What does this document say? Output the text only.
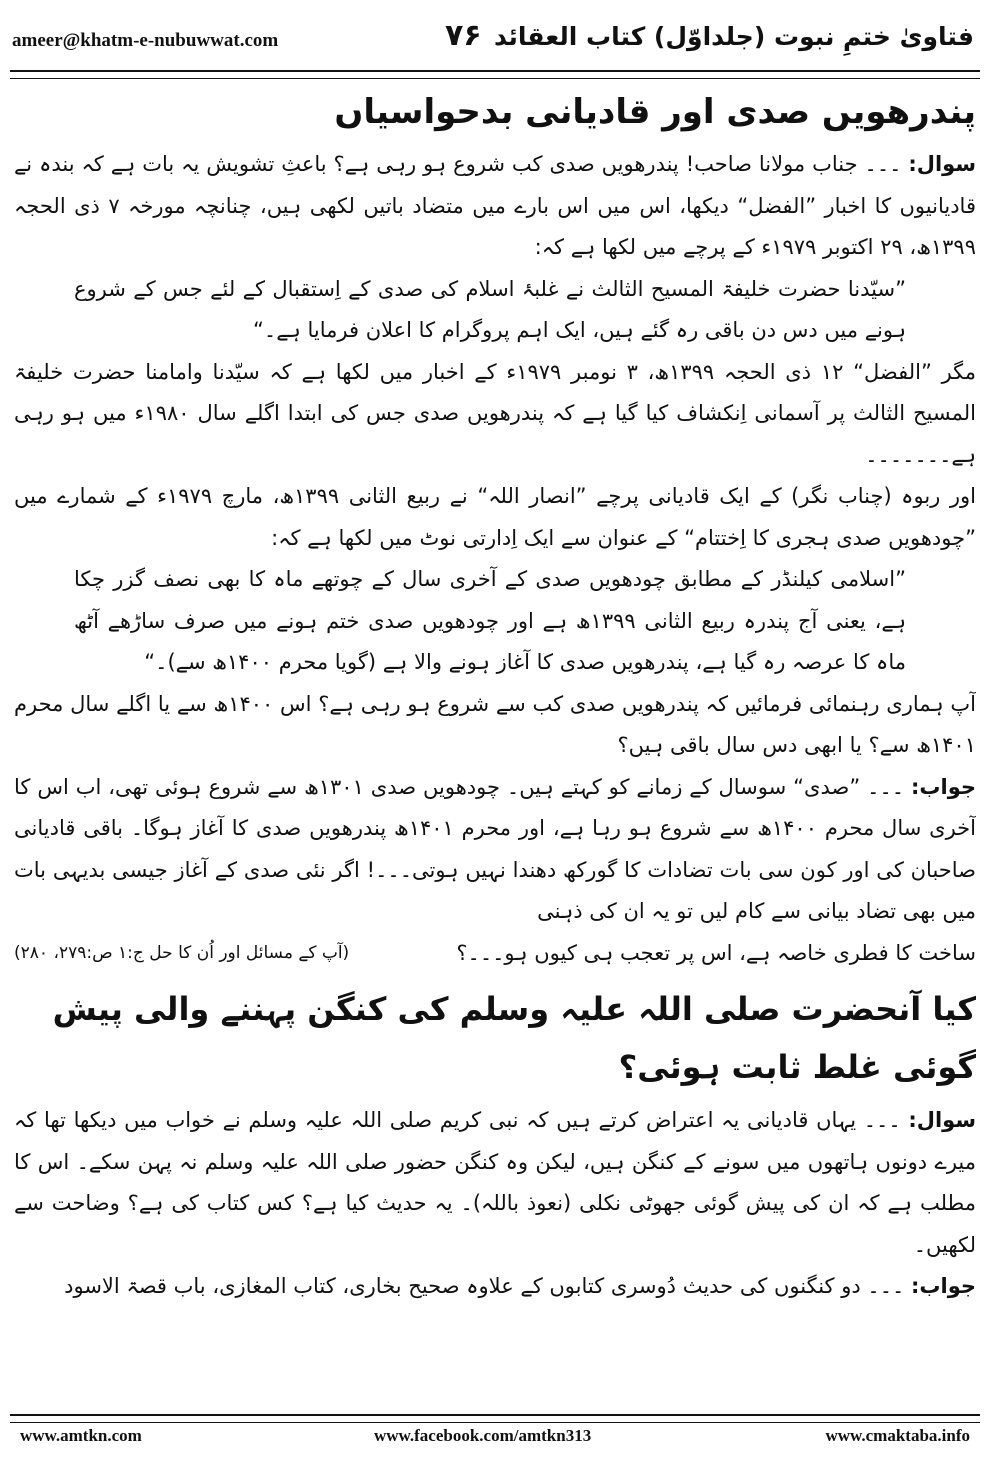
ameer@khatm-e-nubuwwat.com	۷۶ فتاویٰ ختمِ نبوت (جلداوّل) کتاب العقائد
پندرھویں صدی اور قادیانی بدحواسیاں

سوال: ۔۔۔ جناب مولانا صاحب! پندرھویں صدی کب شروع ہو رہی ہے؟ باعثِ تشویش یہ بات ہے کہ بندہ نے قادیانیوں کا اخبار ”الفضل“ دیکھا، اس میں اس بارے میں متضاد باتیں لکھی ہیں، چنانچہ مورخہ ۷ ذی الحجہ ۱۳۹۹ھ، ۲۹ اکتوبر ۱۹۷۹ء کے پرچے میں لکھا ہے کہ:

”سیّدنا حضرت خلیفۃ المسیح الثالث نے غلبۂ اسلام کی صدی کے اِستقبال کے لئے جس کے شروع ہونے میں دس دن باقی رہ گئے ہیں، ایک اہم پروگرام کا اعلان فرمایا ہے۔“

مگر ”الفضل“ ۱۲ ذی الحجہ ۱۳۹۹ھ، ۳ نومبر ۱۹۷۹ء کے اخبار میں لکھا ہے کہ سیّدنا وامامنا حضرت خلیفۃ المسیح الثالث پر آسمانی اِنکشاف کیا گیا ہے کہ پندرھویں صدی جس کی ابتدا اگلے سال ۱۹۸۰ء میں ہو رہی ہے۔۔۔۔۔۔۔

اور ربوہ (چناب نگر) کے ایک قادیانی پرچے ”انصار اللہ“ نے ربیع الثانی ۱۳۹۹ھ، مارچ ۱۹۷۹ء کے شمارے میں ”چودھویں صدی ہجری کا اِختتام“ کے عنوان سے ایک اِدارتی نوٹ میں لکھا ہے کہ:

”اسلامی کیلنڈر کے مطابق چودھویں صدی کے آخری سال کے چوتھے ماہ کا بھی نصف گزر چکا ہے، یعنی آج پندرہ ربیع الثانی ۱۳۹۹ھ ہے اور چودھویں صدی ختم ہونے میں صرف ساڑھے آٹھ ماہ کا عرصہ رہ گیا ہے، پندرھویں صدی کا آغاز ہونے والا ہے (گویا محرم ۱۴۰۰ھ سے)۔“

آپ ہماری رہنمائی فرمائیں کہ پندرھویں صدی کب سے شروع ہو رہی ہے؟ اس ۱۴۰۰ھ سے یا اگلے سال محرم ۱۴۰۱ھ سے؟ یا ابھی دس سال باقی ہیں؟

جواب: ۔۔۔ ”صدی“ سوسال کے زمانے کو کہتے ہیں۔ چودھویں صدی ۱۳۰۱ھ سے شروع ہوئی تھی، اب اس کا آخری سال محرم ۱۴۰۰ھ سے شروع ہو رہا ہے، اور محرم ۱۴۰۱ھ پندرھویں صدی کا آغاز ہوگا۔ باقی قادیانی صاحبان کی اور کون سی بات تضادات کا گورکھ دھندا نہیں ہوتی۔۔۔! اگر نئی صدی کے آغاز جیسی بدیہی بات میں بھی تضاد بیانی سے کام لیں تو یہ ان کی ذہنی

ساخت کا فطری خاصہ ہے، اس پر تعجب ہی کیوں ہو۔۔۔؟
(آپ کے مسائل اور اُن کا حل ج:۱ ص:۲۷۹، ۲۸۰)
کیا آنحضرت صلی اللہ علیہ وسلم کی کنگن پہننے والی پیش گوئی غلط ثابت ہوئی؟

سوال: ۔۔۔ یہاں قادیانی یہ اعتراض کرتے ہیں کہ نبی کریم صلی اللہ علیہ وسلم نے خواب میں دیکھا تھا کہ میرے دونوں ہاتھوں میں سونے کے کنگن ہیں، لیکن وہ کنگن حضور صلی اللہ علیہ وسلم نہ پہن سکے۔ اس کا مطلب ہے کہ ان کی پیش گوئی جھوٹی نکلی (نعوذ باللہ)۔ یہ حدیث کیا ہے؟ کس کتاب کی ہے؟ وضاحت سے لکھیں۔

جواب: ۔۔۔ دو کنگنوں کی حدیث دُوسری کتابوں کے علاوہ صحیح بخاری، کتاب المغازی، باب قصۃ الاسود

www.amtkn.com	www.facebook.com/amtkn313	www.cmaktaba.info
